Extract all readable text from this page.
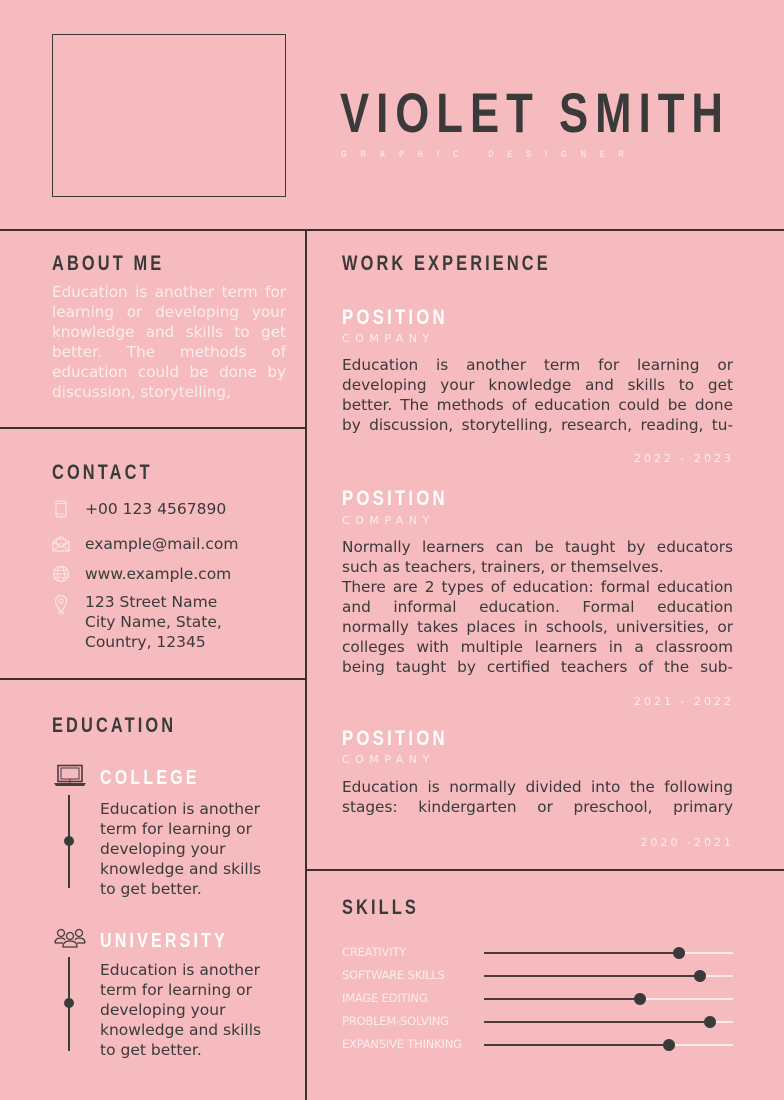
VIOLET SMITH
GRAPHIC DESIGNER
ABOUT ME
Education is another term for learning or developing your knowledge and skills to get better. The methods of education could be done by discussion, storytelling,
CONTACT
+00 123 4567890
example@mail.com
www.example.com
123 Street Name
City Name, State,
Country, 12345
EDUCATION
COLLEGE
Education is another term for learning or developing your knowledge and skills to get better.
UNIVERSITY
Education is another term for learning or developing your knowledge and skills to get better.
WORK EXPERIENCE
POSITION
COMPANY
Education is another term for learning or developing your knowledge and skills to get better. The methods of education could be done by discussion, storytelling, research, reading, tu-
2022 - 2023
POSITION
COMPANY
Normally learners can be taught by educators such as teachers, trainers, or themselves.
There are 2 types of education: formal education and informal education. Formal education normally takes places in schools, universities, or colleges with multiple learners in a classroom being taught by certified teachers of the sub-
2021 - 2022
POSITION
COMPANY
Education is normally divided into the following stages: kindergarten or preschool, primary
2020 -2021
SKILLS
CREATIVITY
SOFTWARE SKILLS
IMAGE EDITING
PROBLEM-SOLVING
EXPANSIVE THINKING
